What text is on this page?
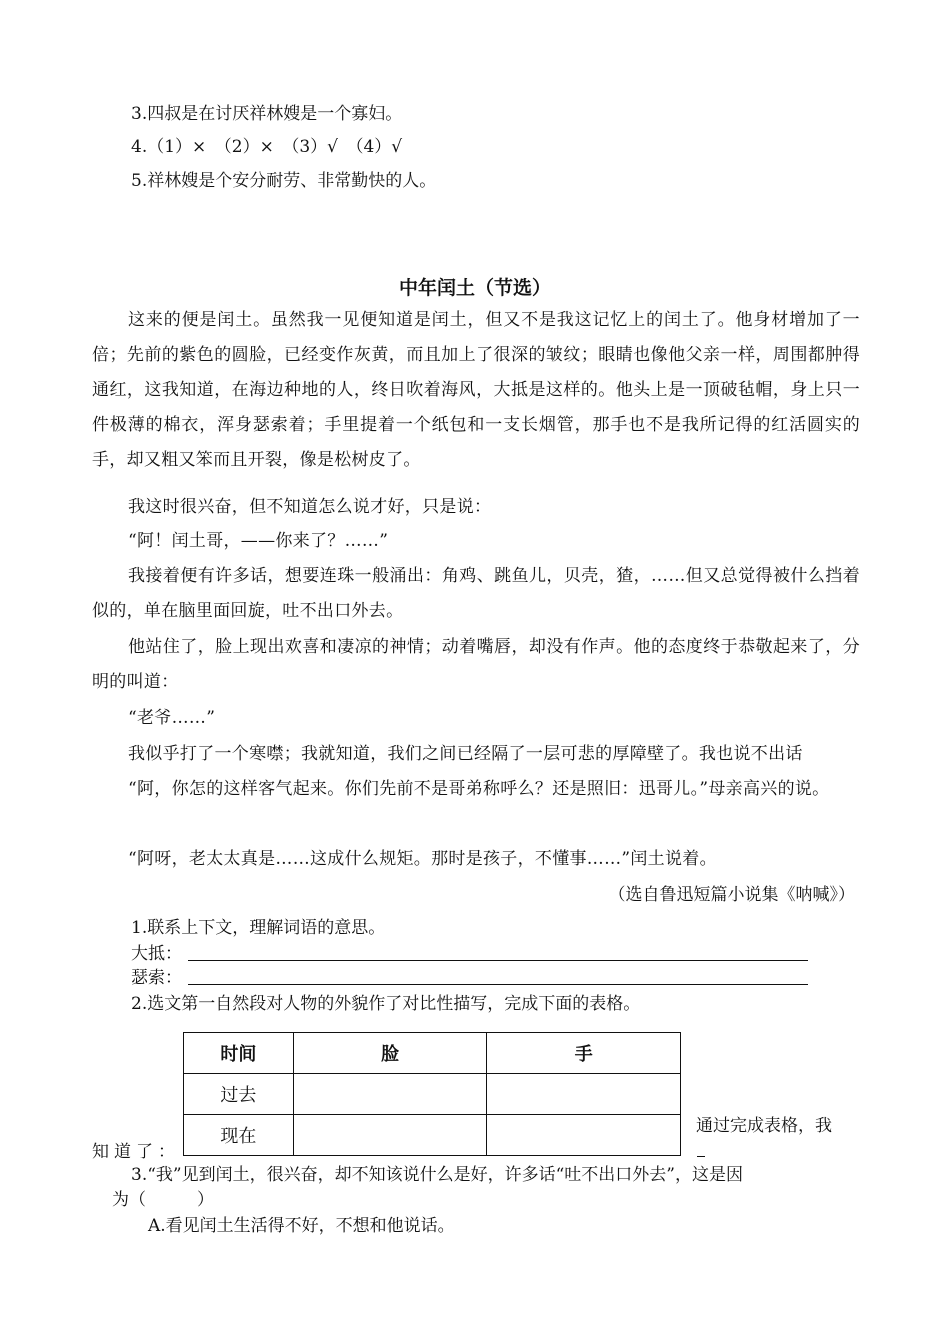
3.四叔是在讨厌祥林嫂是一个寡妇。
4.（1）×　（2）×　（3）√　（4）√
5.祥林嫂是个安分耐劳、非常勤快的人。
中年闰土（节选）
这来的便是闰土。虽然我一见便知道是闰土，但又不是我这记忆上的闰土了。他身材增加了一倍；先前的紫色的圆脸，已经变作灰黄，而且加上了很深的皱纹；眼睛也像他父亲一样，周围都肿得通红，这我知道，在海边种地的人，终日吹着海风，大抵是这样的。他头上是一顶破毡帽，身上只一件极薄的棉衣，浑身瑟索着；手里提着一个纸包和一支长烟管，那手也不是我所记得的红活圆实的手，却又粗又笨而且开裂，像是松树皮了。
我这时很兴奋，但不知道怎么说才好，只是说：
“阿！闰土哥，——你来了？……”
我接着便有许多话，想要连珠一般涌出：角鸡、跳鱼儿，贝壳，猹，……但又总觉得被什么挡着似的，单在脑里面回旋，吐不出口外去。
他站住了，脸上现出欢喜和凄凉的神情；动着嘴唇，却没有作声。他的态度终于恭敬起来了，分明的叫道：
“老爷……”
我似乎打了一个寒噤；我就知道，我们之间已经隔了一层可悲的厚障壁了。我也说不出话
“阿，你怎的这样客气起来。你们先前不是哥弟称呼么？还是照旧：迅哥儿。”母亲高兴的说。
“阿呀，老太太真是……这成什么规矩。那时是孩子，不懂事……”闰土说着。
（选自鲁迅短篇小说集《呐喊》）
1.联系上下文，理解词语的意思。
大抵：
瑟索：
2.选文第一自然段对人物的外貌作了对比性描写，完成下面的表格。
时间	脸	手
过去		
现在			通过完成表格，我
知道了：
3.“我”见到闰土，很兴奋，却不知该说什么是好，许多话“吐不出口外去”，这是因
为（　　　）
A.看见闰土生活得不好，不想和他说话。
